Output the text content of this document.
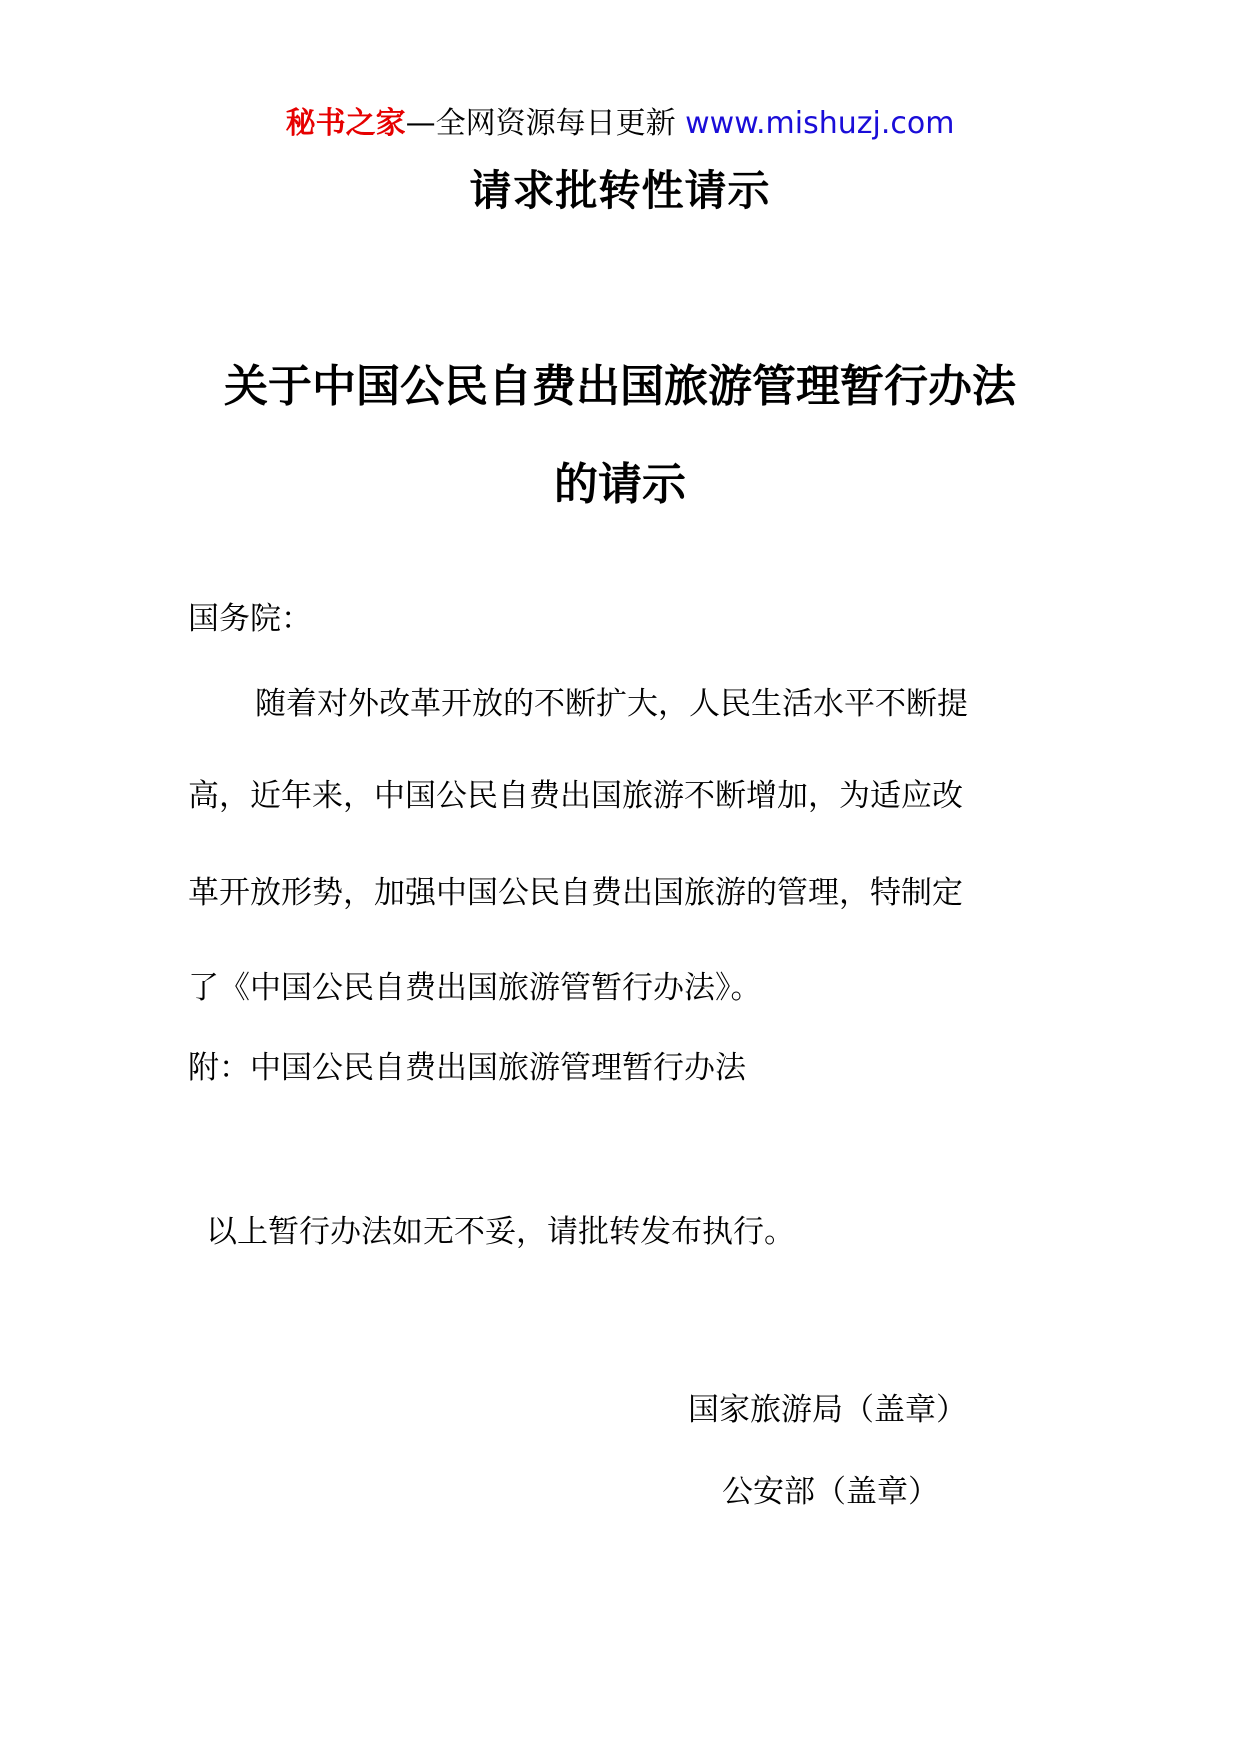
秘书之家—全网资源每日更新 www.mishuzj.com
请求批转性请示
关于中国公民自费出国旅游管理暂行办法
的请示
国务院：
随着对外改革开放的不断扩大，人民生活水平不断提
高，近年来，中国公民自费出国旅游不断增加，为适应改
革开放形势，加强中国公民自费出国旅游的管理，特制定
了《中国公民自费出国旅游管暂行办法》。
附：中国公民自费出国旅游管理暂行办法
以上暂行办法如无不妥，请批转发布执行。
国家旅游局（盖章）
公安部（盖章）
